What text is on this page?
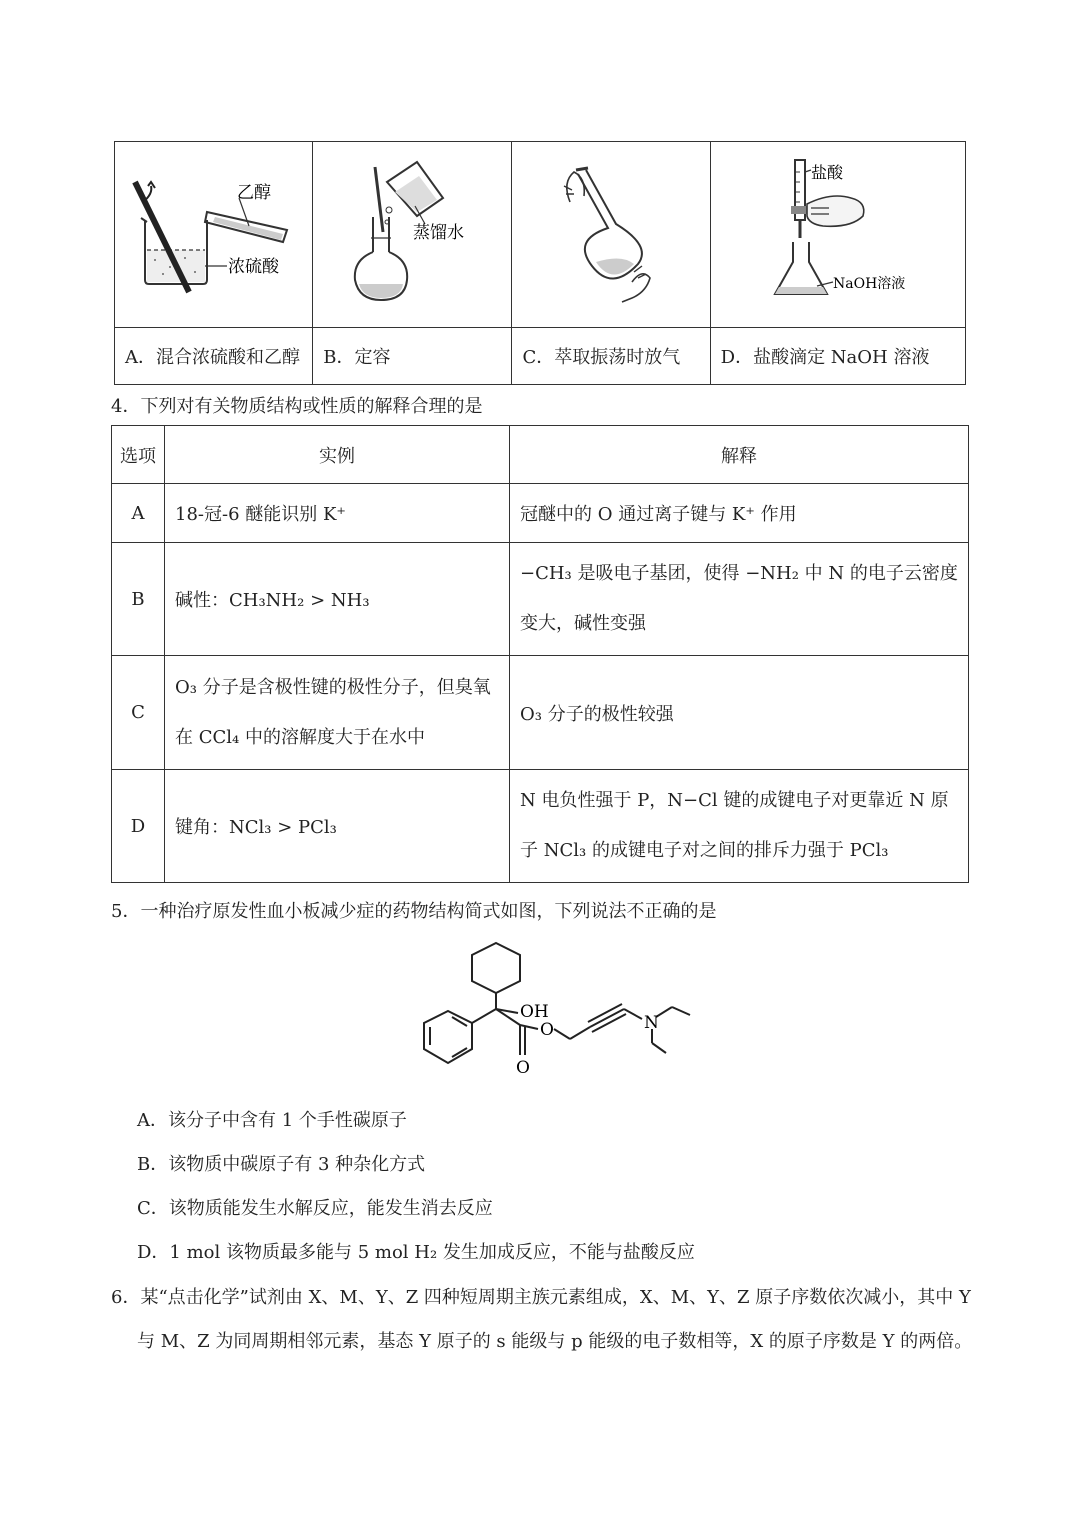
乙醇
浓硫酸	蒸馏水		盐酸
NaOH溶液

A．混合浓硫酸和乙醇	B．定容	C．萃取振荡时放气	D．盐酸滴定 NaOH 溶液
4．下列对有关物质结构或性质的解释合理的是
选项	实例	解释
A	18-冠-6 醚能识别 K⁺	冠醚中的 O 通过离子键与 K⁺ 作用
B	碱性：CH₃NH₂ > NH₃	−CH₃ 是吸电子基团，使得 −NH₂ 中 N 的电子云密度变大，碱性变强
C	O₃ 分子是含极性键的极性分子，但臭氧在 CCl₄ 中的溶解度大于在水中	O₃ 分子的极性较强
D	键角：NCl₃ > PCl₃	N 电负性强于 P，N−Cl 键的成键电子对更靠近 N 原子 NCl₃ 的成键电子对之间的排斥力强于 PCl₃
5．一种治疗原发性血小板减少症的药物结构简式如图，下列说法不正确的是
OH
O
O
N
A．该分子中含有 1 个手性碳原子
B．该物质中碳原子有 3 种杂化方式
C．该物质能发生水解反应，能发生消去反应
D．1 mol 该物质最多能与 5 mol H₂ 发生加成反应，不能与盐酸反应
6．某“点击化学”试剂由 X、M、Y、Z 四种短周期主族元素组成，X、M、Y、Z 原子序数依次减小，其中 Y
与 M、Z 为同周期相邻元素，基态 Y 原子的 s 能级与 p 能级的电子数相等，X 的原子序数是 Y 的两倍。
